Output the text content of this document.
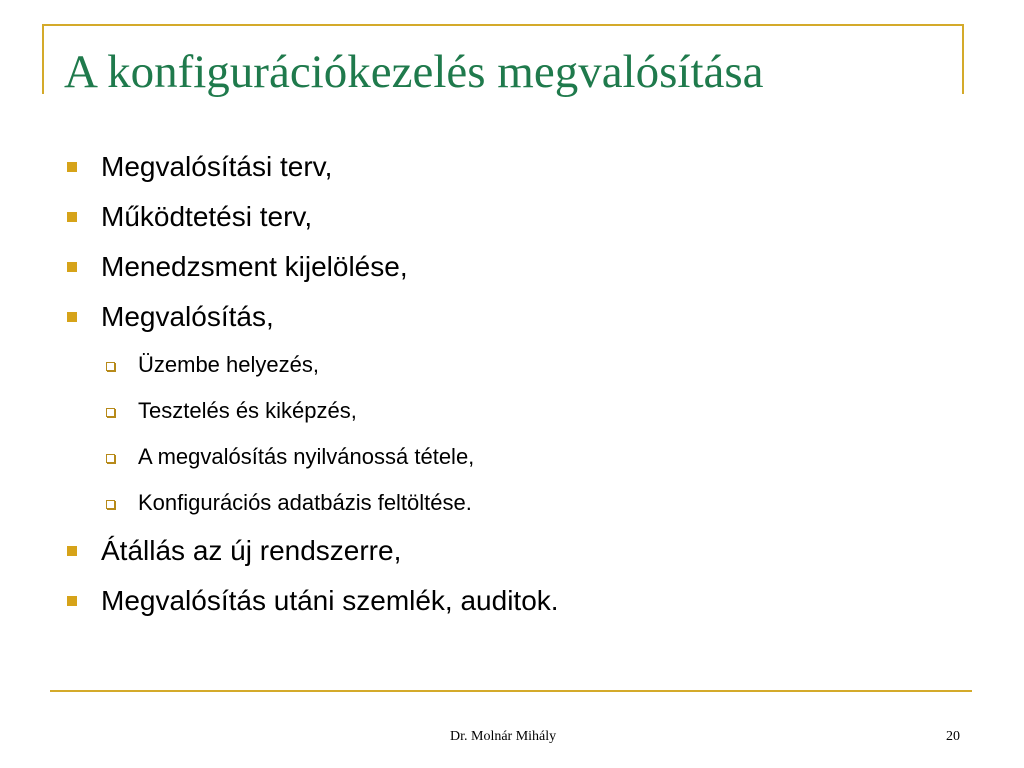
A konfigurációkezelés megvalósítása
Megvalósítási terv,
Működtetési terv,
Menedzsment kijelölése,
Megvalósítás,
Üzembe helyezés,
Tesztelés és kiképzés,
A megvalósítás nyilvánossá tétele,
Konfigurációs adatbázis feltöltése.
Átállás az új rendszerre,
Megvalósítás utáni szemlék, auditok.
Dr. Molnár Mihály	20
